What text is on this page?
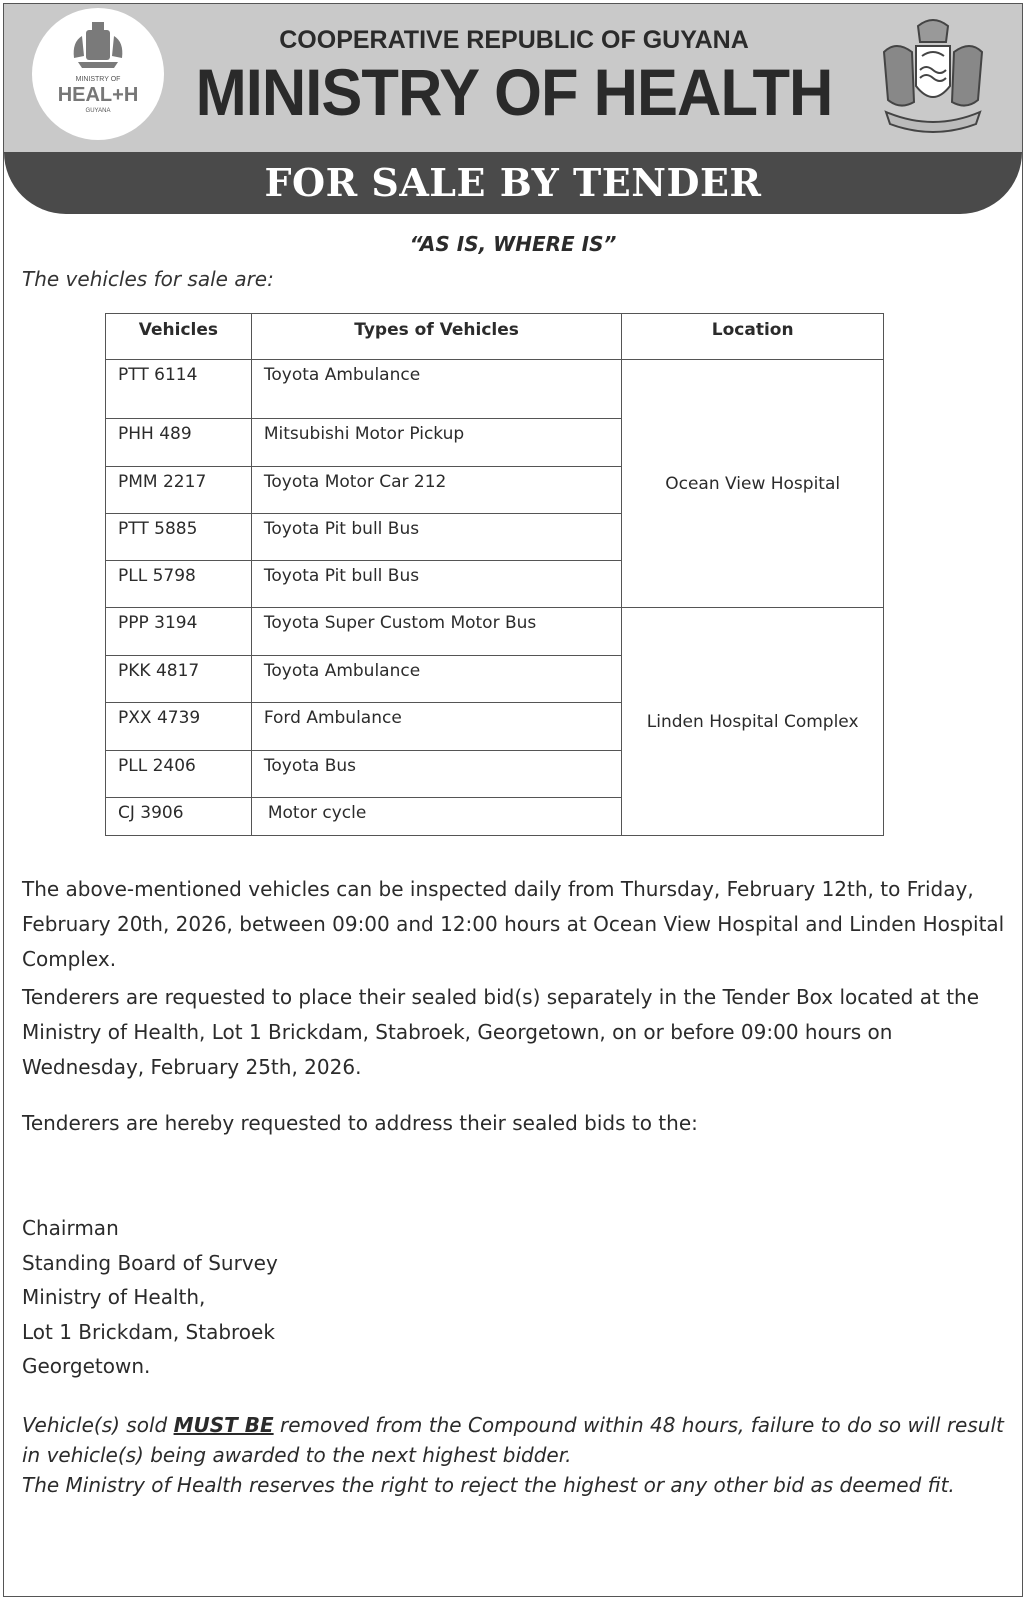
MINISTRY OF
HEAL+H
GUYANA
COOPERATIVE REPUBLIC OF GUYANA
MINISTRY OF HEALTH
FOR SALE BY TENDER
“AS IS, WHERE IS”
The vehicles for sale are:
Vehicles	Types of Vehicles	Location
PTT 6114	Toyota Ambulance	Ocean View Hospital
PHH 489	Mitsubishi Motor Pickup	
PMM 2217	Toyota Motor Car 212	
PTT 5885	Toyota Pit bull Bus	
PLL 5798	Toyota Pit bull Bus	
PPP 3194	Toyota Super Custom Motor Bus	Linden Hospital Complex
PKK 4817	Toyota Ambulance	
PXX 4739	Ford Ambulance	
PLL 2406	Toyota Bus	
CJ 3906	Motor cycle	
The above-mentioned vehicles can be inspected daily from Thursday, February 12th, to Friday, February 20th, 2026, between 09:00 and 12:00 hours at Ocean View Hospital and Linden Hospital Complex.
Tenderers are requested to place their sealed bid(s) separately in the Tender Box located at the Ministry of Health, Lot 1 Brickdam, Stabroek, Georgetown, on or before 09:00 hours on Wednesday, February 25th, 2026.
Tenderers are hereby requested to address their sealed bids to the:
Chairman
Standing Board of Survey
Ministry of Health,
Lot 1 Brickdam, Stabroek
Georgetown.
Vehicle(s) sold MUST BE removed from the Compound within 48 hours, failure to do so will result in vehicle(s) being awarded to the next highest bidder.
The Ministry of Health reserves the right to reject the highest or any other bid as deemed fit.
